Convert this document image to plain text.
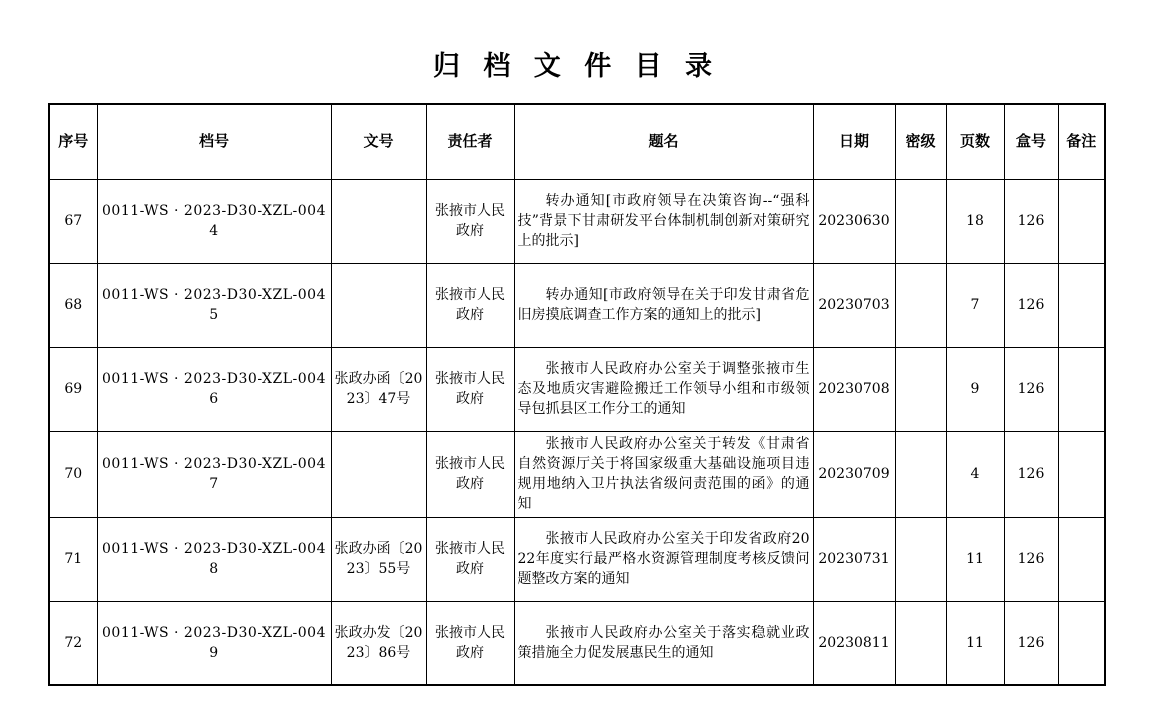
归 档 文 件 目 录
序号	档号	文号	责任者	题名	日期	密级	页数	盒号	备注
67	0011-WS · 2023-D30-XZL-0044		张掖市人民政府	转办通知[市政府领导在决策咨询--“强科技”背景下甘肃研发平台体制机制创新对策研究上的批示]	20230630		18	126	
68	0011-WS · 2023-D30-XZL-0045		张掖市人民政府	转办通知[市政府领导在关于印发甘肃省危旧房摸底调查工作方案的通知上的批示]	20230703		7	126	
69	0011-WS · 2023-D30-XZL-0046	张政办函〔2023〕47号	张掖市人民政府	张掖市人民政府办公室关于调整张掖市生态及地质灾害避险搬迁工作领导小组和市级领导包抓县区工作分工的通知	20230708		9	126	
70	0011-WS · 2023-D30-XZL-0047		张掖市人民政府	张掖市人民政府办公室关于转发《甘肃省自然资源厅关于将国家级重大基础设施项目违规用地纳入卫片执法省级问责范围的函》的通知	20230709		4	126	
71	0011-WS · 2023-D30-XZL-0048	张政办函〔2023〕55号	张掖市人民政府	张掖市人民政府办公室关于印发省政府2022年度实行最严格水资源管理制度考核反馈问题整改方案的通知	20230731		11	126	
72	0011-WS · 2023-D30-XZL-0049	张政办发〔2023〕86号	张掖市人民政府	张掖市人民政府办公室关于落实稳就业政策措施全力促发展惠民生的通知	20230811		11	126	
